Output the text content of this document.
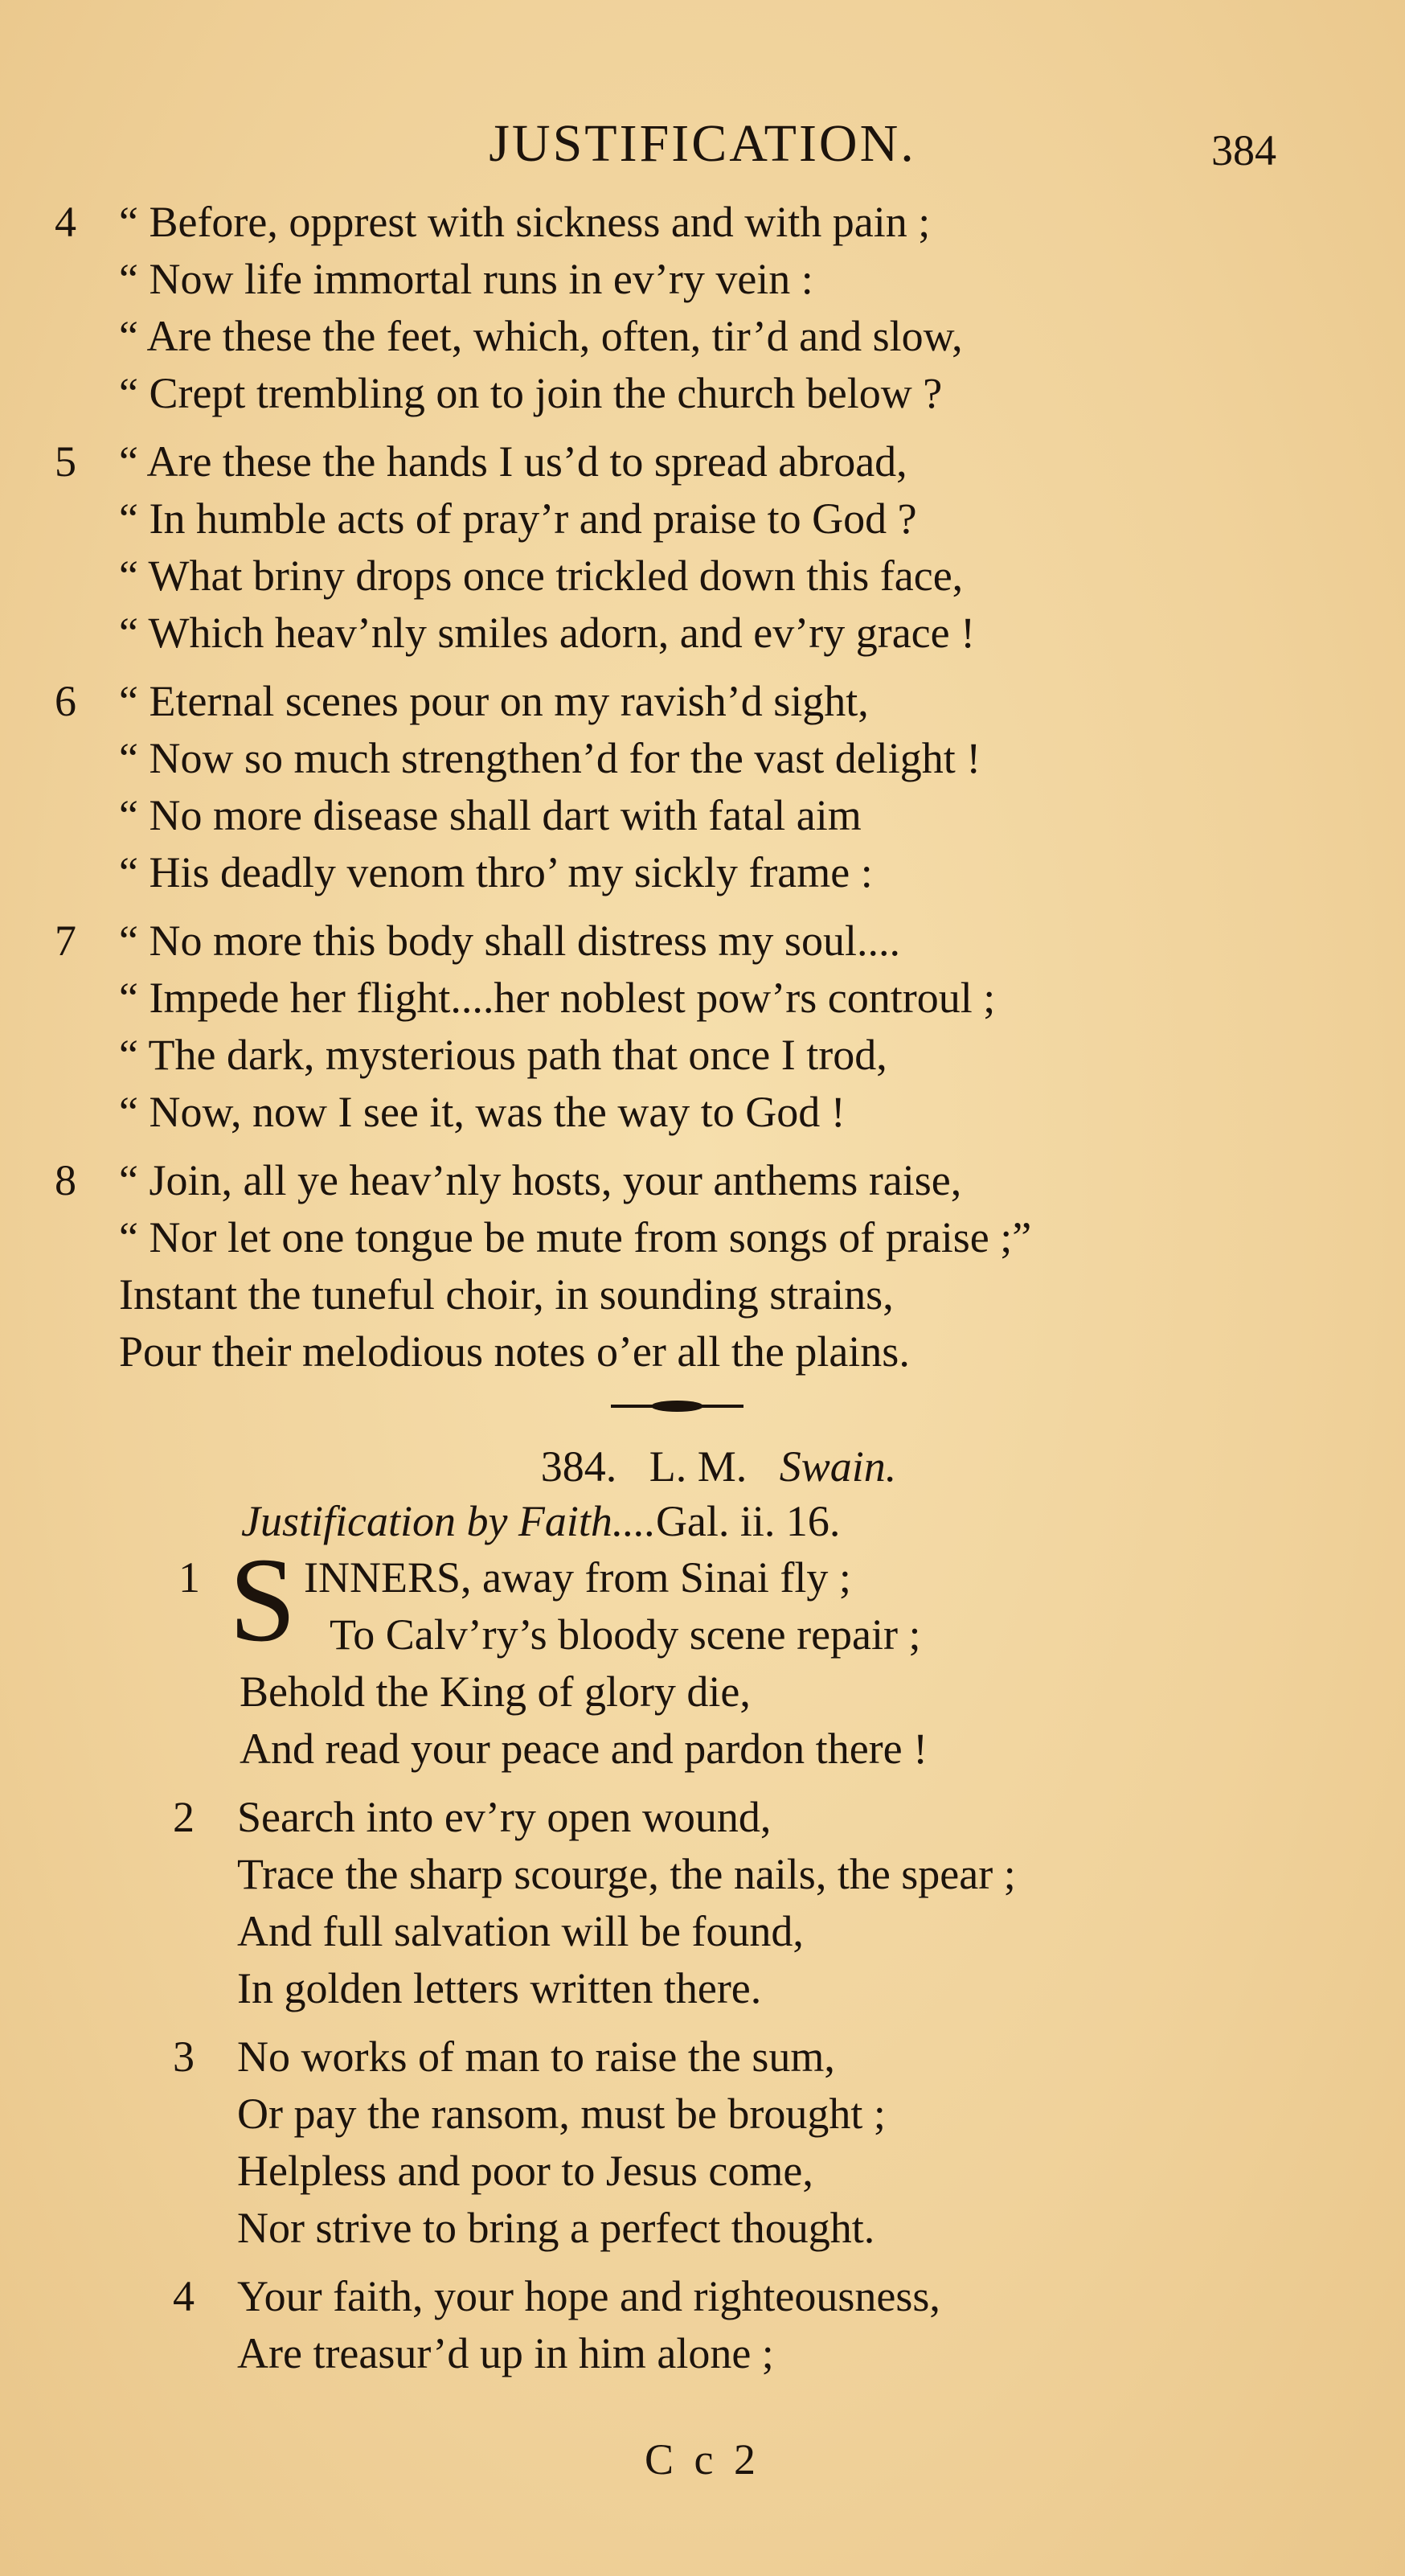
JUSTIFICATION.	384
4 “ Before, opprest with sickness and with pain ;
“ Now life immortal runs in ev’ry vein :
“ Are these the feet, which, often, tir’d and slow,
“ Crept trembling on to join the church below ?
5 “ Are these the hands I us’d to spread abroad,
“ In humble acts of pray’r and praise to God ?
“ What briny drops once trickled down this face,
“ Which heav’nly smiles adorn, and ev’ry grace !
6 “ Eternal scenes pour on my ravish’d sight,
“ Now so much strengthen’d for the vast delight !
“ No more disease shall dart with fatal aim
“ His deadly venom thro’ my sickly frame :
7 “ No more this body shall distress my soul....
“ Impede her flight....her noblest pow’rs controul ;
“ The dark, mysterious path that once I trod,
“ Now, now I see it, was the way to God !
8 “ Join, all ye heav’nly hosts, your anthems raise,
“ Nor let one tongue be mute from songs of praise ;”
Instant the tuneful choir, in sounding strains,
Pour their melodious notes o’er all the plains.
384. L. M. Swain.
Justification by Faith....Gal. ii. 16.
1 S INNERS, away from Sinai fly ;
To Calv’ry’s bloody scene repair ;
Behold the King of glory die,
And read your peace and pardon there !
2 Search into ev’ry open wound,
Trace the sharp scourge, the nails, the spear ;
And full salvation will be found,
In golden letters written there.
3 No works of man to raise the sum,
Or pay the ransom, must be brought ;
Helpless and poor to Jesus come,
Nor strive to bring a perfect thought.
4 Your faith, your hope and righteousness,
Are treasur’d up in him alone ;
C c 2
